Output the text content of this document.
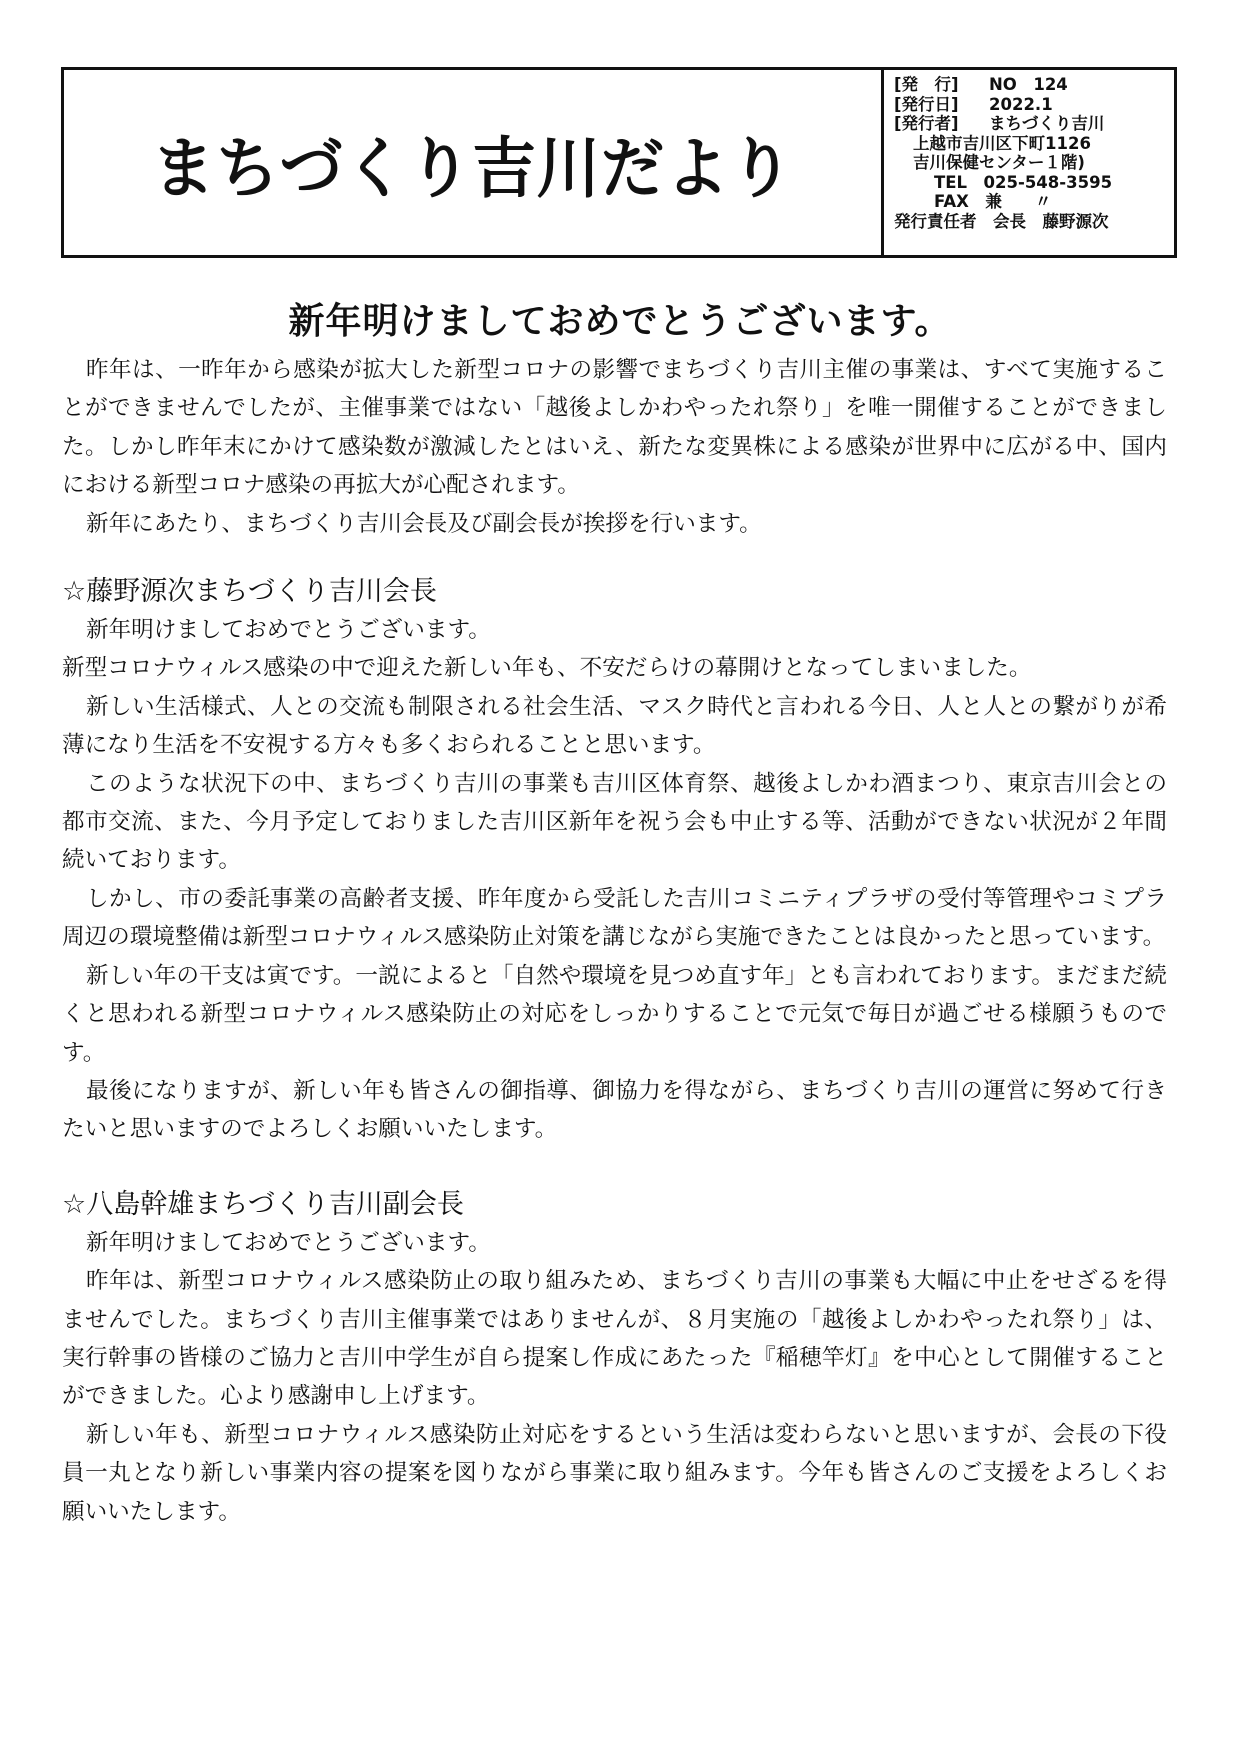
まちづくり吉川だより
[発　行] NO　124
[発行日] 2022.1
[発行者] まちづくり吉川
上越市吉川区下町1126
吉川保健センター１階)
TEL　025-548-3595
FAX　兼　　〃
発行責任者　会長　藤野源次
新年明けましておめでとうございます。

昨年は、一昨年から感染が拡大した新型コロナの影響でまちづくり吉川主催の事業は、すべて実施することができませんでしたが、主催事業ではない「越後よしかわやったれ祭り」を唯一開催することができました。しかし昨年末にかけて感染数が激減したとはいえ、新たな変異株による感染が世界中に広がる中、国内における新型コロナ感染の再拡大が心配されます。

新年にあたり、まちづくり吉川会長及び副会長が挨拶を行います。

☆藤野源次まちづくり吉川会長

新年明けましておめでとうございます。

新型コロナウィルス感染の中で迎えた新しい年も、不安だらけの幕開けとなってしまいました。

新しい生活様式、人との交流も制限される社会生活、マスク時代と言われる今日、人と人との繋がりが希薄になり生活を不安視する方々も多くおられることと思います。

このような状況下の中、まちづくり吉川の事業も吉川区体育祭、越後よしかわ酒まつり、東京吉川会との都市交流、また、今月予定しておりました吉川区新年を祝う会も中止する等、活動ができない状況が２年間続いております。

しかし、市の委託事業の高齢者支援、昨年度から受託した吉川コミニティプラザの受付等管理やコミプラ周辺の環境整備は新型コロナウィルス感染防止対策を講じながら実施できたことは良かったと思っています。

新しい年の干支は寅です。一説によると「自然や環境を見つめ直す年」とも言われております。まだまだ続くと思われる新型コロナウィルス感染防止の対応をしっかりすることで元気で毎日が過ごせる様願うものです。

最後になりますが、新しい年も皆さんの御指導、御協力を得ながら、まちづくり吉川の運営に努めて行きたいと思いますのでよろしくお願いいたします。

☆八島幹雄まちづくり吉川副会長

新年明けましておめでとうございます。

昨年は、新型コロナウィルス感染防止の取り組みため、まちづくり吉川の事業も大幅に中止をせざるを得ませんでした。まちづくり吉川主催事業ではありませんが、８月実施の「越後よしかわやったれ祭り」は、実行幹事の皆様のご協力と吉川中学生が自ら提案し作成にあたった『稲穂竿灯』を中心として開催することができました。心より感謝申し上げます。

新しい年も、新型コロナウィルス感染防止対応をするという生活は変わらないと思いますが、会長の下役員一丸となり新しい事業内容の提案を図りながら事業に取り組みます。今年も皆さんのご支援をよろしくお願いいたします。
